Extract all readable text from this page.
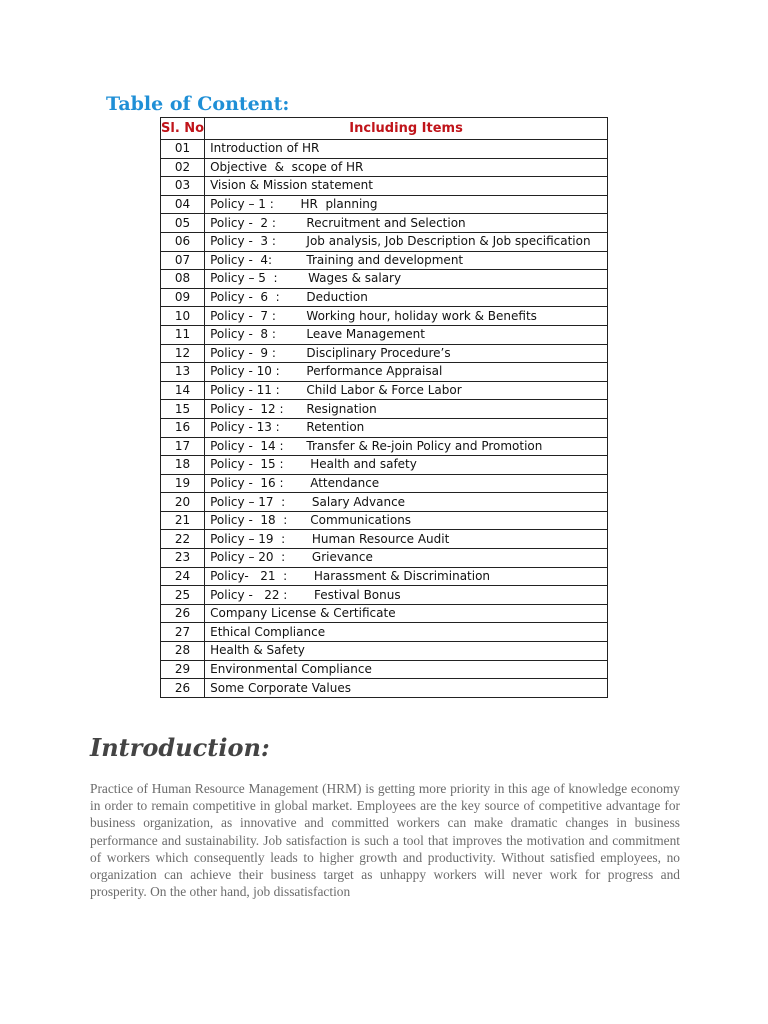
Table of Content:
Sl. No	Including Items
01	Introduction of HR
02	Objective  &  scope of HR
03	Vision & Mission statement
04	Policy – 1 :       HR  planning
05	Policy -  2 :        Recruitment and Selection
06	Policy -  3 :        Job analysis, Job Description & Job specification
07	Policy -  4:         Training and development
08	Policy – 5  :        Wages & salary
09	Policy -  6  :       Deduction
10	Policy -  7 :        Working hour, holiday work & Benefits
11	Policy -  8 :        Leave Management
12	Policy -  9 :        Disciplinary Procedure’s
13	Policy - 10 :       Performance Appraisal
14	Policy - 11 :       Child Labor & Force Labor
15	Policy -  12 :      Resignation
16	Policy - 13 :       Retention
17	Policy -  14 :      Transfer & Re-join Policy and Promotion
18	Policy -  15 :       Health and safety
19	Policy -  16 :       Attendance
20	Policy – 17  :       Salary Advance
21	Policy -  18  :      Communications
22	Policy – 19  :       Human Resource Audit
23	Policy – 20  :       Grievance
24	Policy-   21  :       Harassment & Discrimination
25	Policy -   22 :       Festival Bonus
26	Company License & Certificate
27	Ethical Compliance
28	Health & Safety
29	Environmental Compliance
26	Some Corporate Values
Introduction:

Practice of Human Resource Management (HRM) is getting more priority in this age of knowledge economy in order to remain competitive in global market. Employees are the key source of competitive advantage for business organization, as innovative and committed workers can make dramatic changes in business performance and sustainability. Job satisfaction is such a tool that improves the motivation and commitment of workers which consequently leads to higher growth and productivity. Without satisfied employees, no organization can achieve their business target as unhappy workers will never work for progress and prosperity. On the other hand, job dissatisfaction
